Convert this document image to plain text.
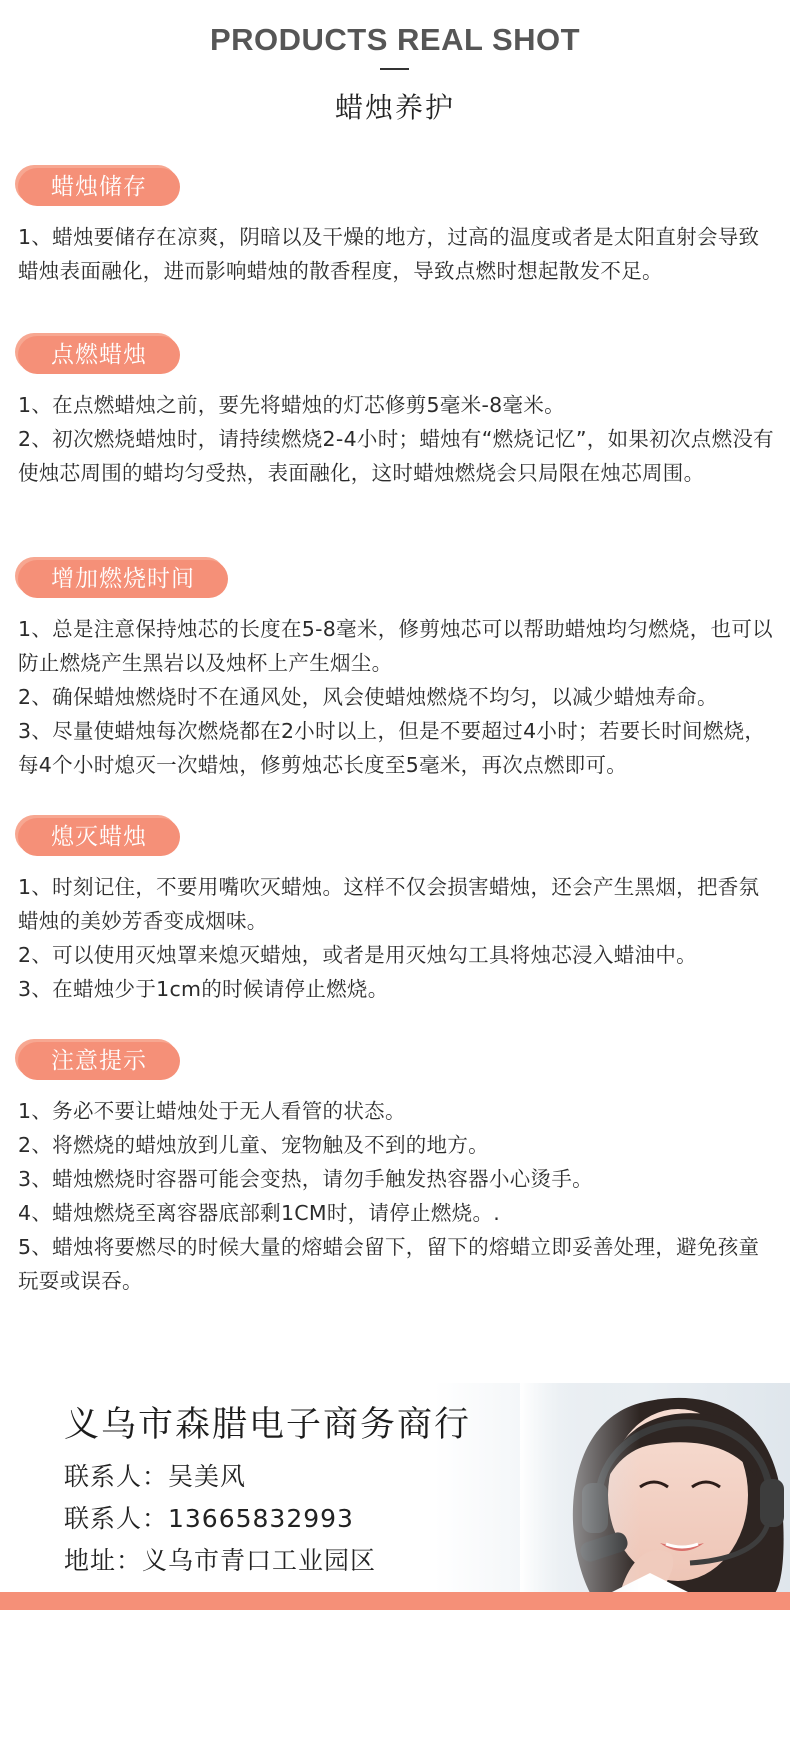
PRODUCTS REAL SHOT
蜡烛养护
蜡烛储存

1、蜡烛要储存在凉爽，阴暗以及干燥的地方，过高的温度或者是太阳直射会导致蜡烛表面融化，进而影响蜡烛的散香程度，导致点燃时想起散发不足。

点燃蜡烛

1、在点燃蜡烛之前，要先将蜡烛的灯芯修剪5毫米-8毫米。

2、初次燃烧蜡烛时，请持续燃烧2-4小时；蜡烛有“燃烧记忆”，如果初次点燃没有使烛芯周围的蜡均匀受热，表面融化，这时蜡烛燃烧会只局限在烛芯周围。

增加燃烧时间

1、总是注意保持烛芯的长度在5-8毫米，修剪烛芯可以帮助蜡烛均匀燃烧，也可以防止燃烧产生黑岩以及烛杯上产生烟尘。

2、确保蜡烛燃烧时不在通风处，风会使蜡烛燃烧不均匀，以减少蜡烛寿命。

3、尽量使蜡烛每次燃烧都在2小时以上，但是不要超过4小时；若要长时间燃烧，每4个小时熄灭一次蜡烛，修剪烛芯长度至5毫米，再次点燃即可。

熄灭蜡烛

1、时刻记住，不要用嘴吹灭蜡烛。这样不仅会损害蜡烛，还会产生黑烟，把香氛蜡烛的美妙芳香变成烟味。

2、可以使用灭烛罩来熄灭蜡烛，或者是用灭烛勾工具将烛芯浸入蜡油中。

3、在蜡烛少于1cm的时候请停止燃烧。

注意提示

1、务必不要让蜡烛处于无人看管的状态。

2、将燃烧的蜡烛放到儿童、宠物触及不到的地方。

3、蜡烛燃烧时容器可能会变热，请勿手触发热容器小心烫手。

4、蜡烛燃烧至离容器底部剩1CM时，请停止燃烧。.

5、蜡烛将要燃尽的时候大量的熔蜡会留下，留下的熔蜡立即妥善处理，避免孩童玩耍或误吞。

义乌市森腊电子商务商行
联系人：吴美风
联系人：13665832993
地址：义乌市青口工业园区
